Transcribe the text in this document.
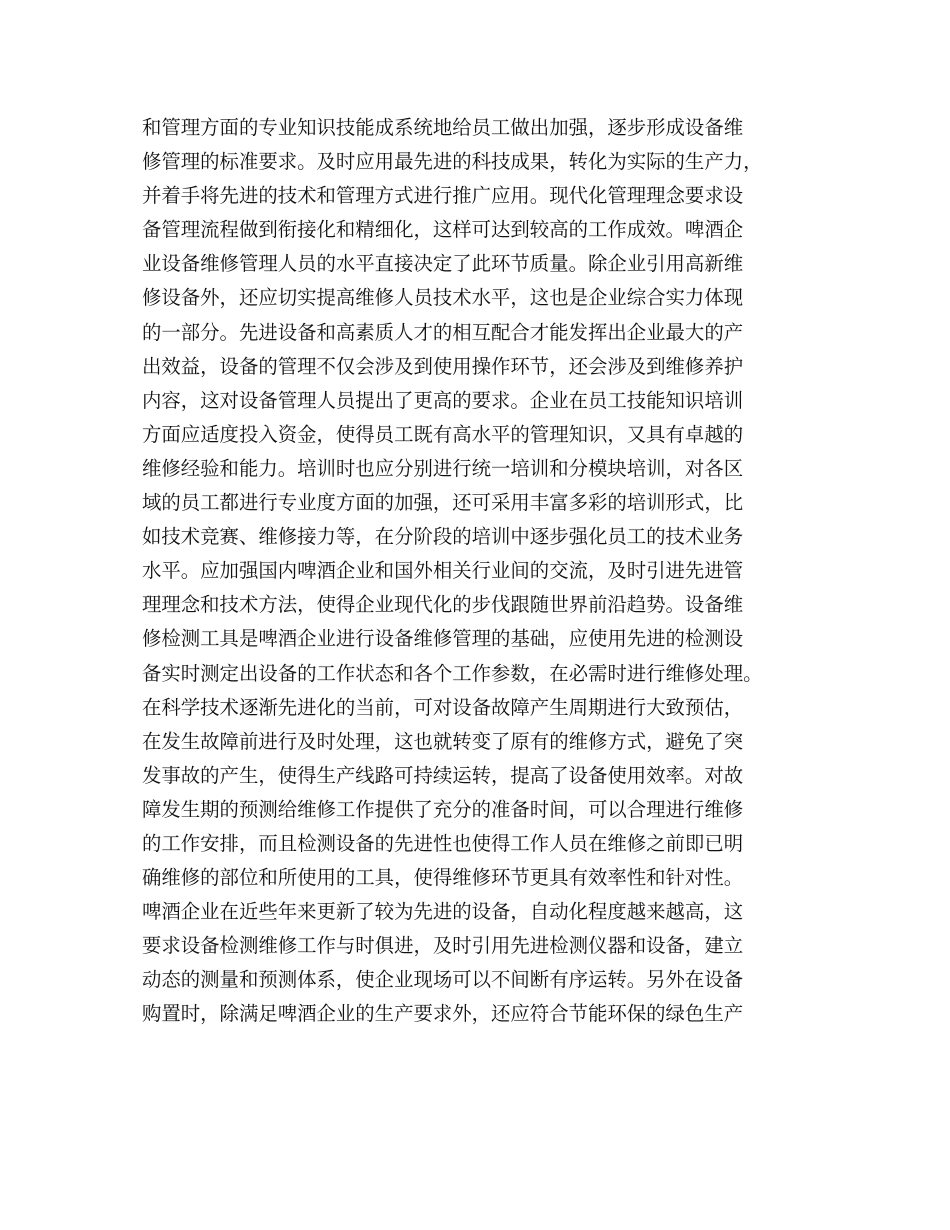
和管理方面的专业知识技能成系统地给员工做出加强，逐步形成设备维
修管理的标准要求。及时应用最先进的科技成果，转化为实际的生产力，
并着手将先进的技术和管理方式进行推广应用。现代化管理理念要求设
备管理流程做到衔接化和精细化，这样可达到较高的工作成效。啤酒企
业设备维修管理人员的水平直接决定了此环节质量。除企业引用高新维
修设备外，还应切实提高维修人员技术水平，这也是企业综合实力体现
的一部分。先进设备和高素质人才的相互配合才能发挥出企业最大的产
出效益，设备的管理不仅会涉及到使用操作环节，还会涉及到维修养护
内容，这对设备管理人员提出了更高的要求。企业在员工技能知识培训
方面应适度投入资金，使得员工既有高水平的管理知识，又具有卓越的
维修经验和能力。培训时也应分别进行统一培训和分模块培训，对各区
域的员工都进行专业度方面的加强，还可采用丰富多彩的培训形式，比
如技术竞赛、维修接力等，在分阶段的培训中逐步强化员工的技术业务
水平。应加强国内啤酒企业和国外相关行业间的交流，及时引进先进管
理理念和技术方法，使得企业现代化的步伐跟随世界前沿趋势。设备维
修检测工具是啤酒企业进行设备维修管理的基础，应使用先进的检测设
备实时测定出设备的工作状态和各个工作参数，在必需时进行维修处理。
在科学技术逐渐先进化的当前，可对设备故障产生周期进行大致预估，
在发生故障前进行及时处理，这也就转变了原有的维修方式，避免了突
发事故的产生，使得生产线路可持续运转，提高了设备使用效率。对故
障发生期的预测给维修工作提供了充分的准备时间，可以合理进行维修
的工作安排，而且检测设备的先进性也使得工作人员在维修之前即已明
确维修的部位和所使用的工具，使得维修环节更具有效率性和针对性。
啤酒企业在近些年来更新了较为先进的设备，自动化程度越来越高，这
要求设备检测维修工作与时俱进，及时引用先进检测仪器和设备，建立
动态的测量和预测体系，使企业现场可以不间断有序运转。另外在设备
购置时，除满足啤酒企业的生产要求外，还应符合节能环保的绿色生产
